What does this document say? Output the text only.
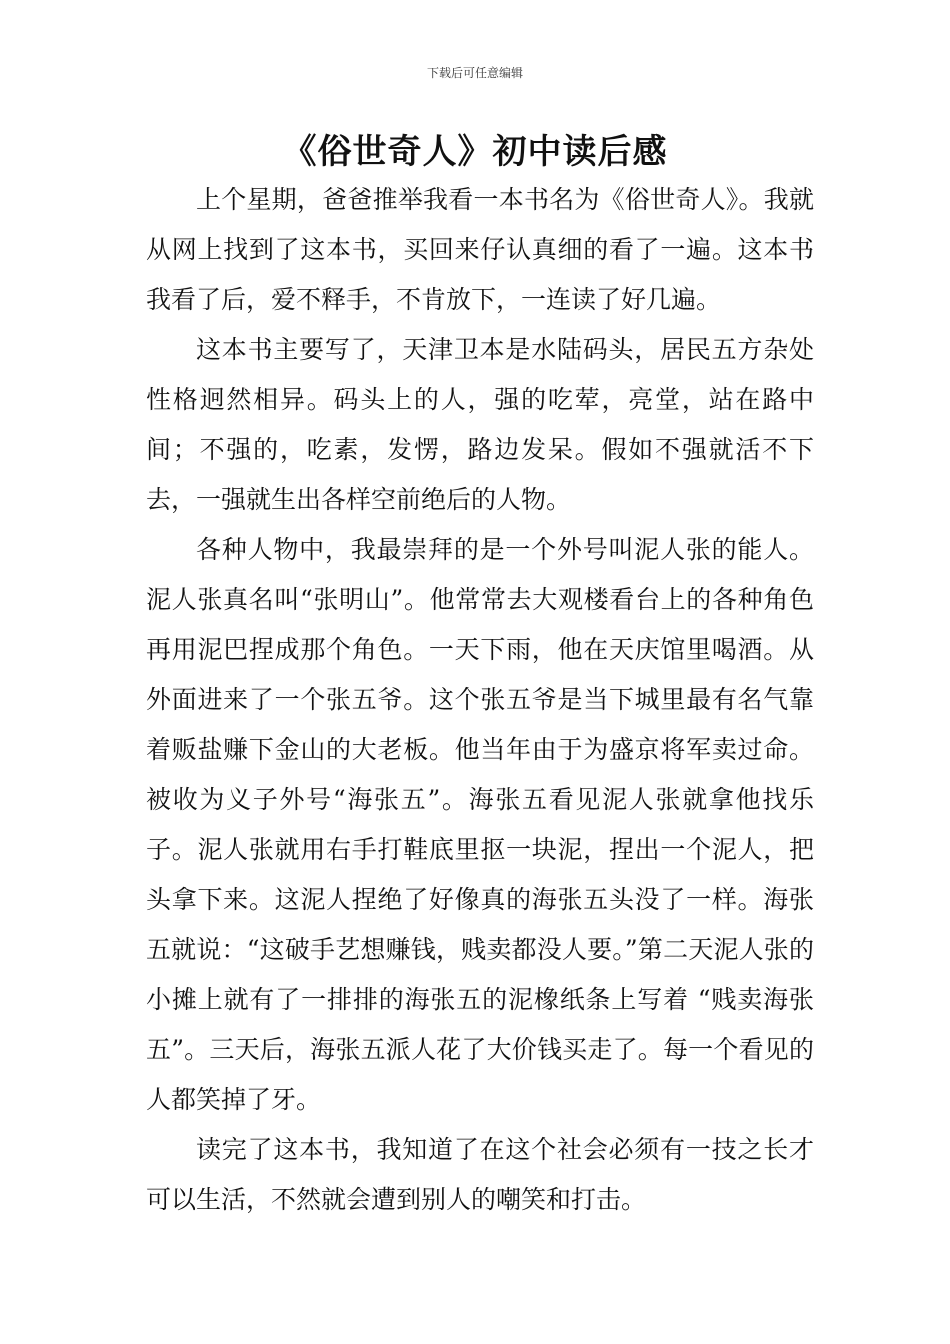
下载后可任意编辑
《俗世奇人》初中读后感

上个星期，爸爸推举我看一本书名为《俗世奇人》。我就从网上找到了这本书，买回来仔认真细的看了一遍。这本书我看了后，爱不释手，不肯放下，一连读了好几遍。

这本书主要写了，天津卫本是水陆码头，居民五方杂处性格迥然相异。码头上的人，强的吃荤，亮堂，站在路中间；不强的，吃素，发愣，路边发呆。假如不强就活不下去，一强就生出各样空前绝后的人物。

各种人物中，我最崇拜的是一个外号叫泥人张的能人。泥人张真名叫“张明山”。他常常去大观楼看台上的各种角色再用泥巴捏成那个角色。一天下雨，他在天庆馆里喝酒。从外面进来了一个张五爷。这个张五爷是当下城里最有名气靠着贩盐赚下金山的大老板。他当年由于为盛京将军卖过命。被收为义子外号“海张五”。海张五看见泥人张就拿他找乐子。泥人张就用右手打鞋底里抠一块泥，捏出一个泥人，把头拿下来。这泥人捏绝了好像真的海张五头没了一样。海张五就说：“这破手艺想赚钱，贱卖都没人要。”第二天泥人张的小摊上就有了一排排的海张五的泥橡纸条上写着 “贱卖海张五”。三天后，海张五派人花了大价钱买走了。每一个看见的人都笑掉了牙。

读完了这本书，我知道了在这个社会必须有一技之长才可以生活，不然就会遭到别人的嘲笑和打击。
